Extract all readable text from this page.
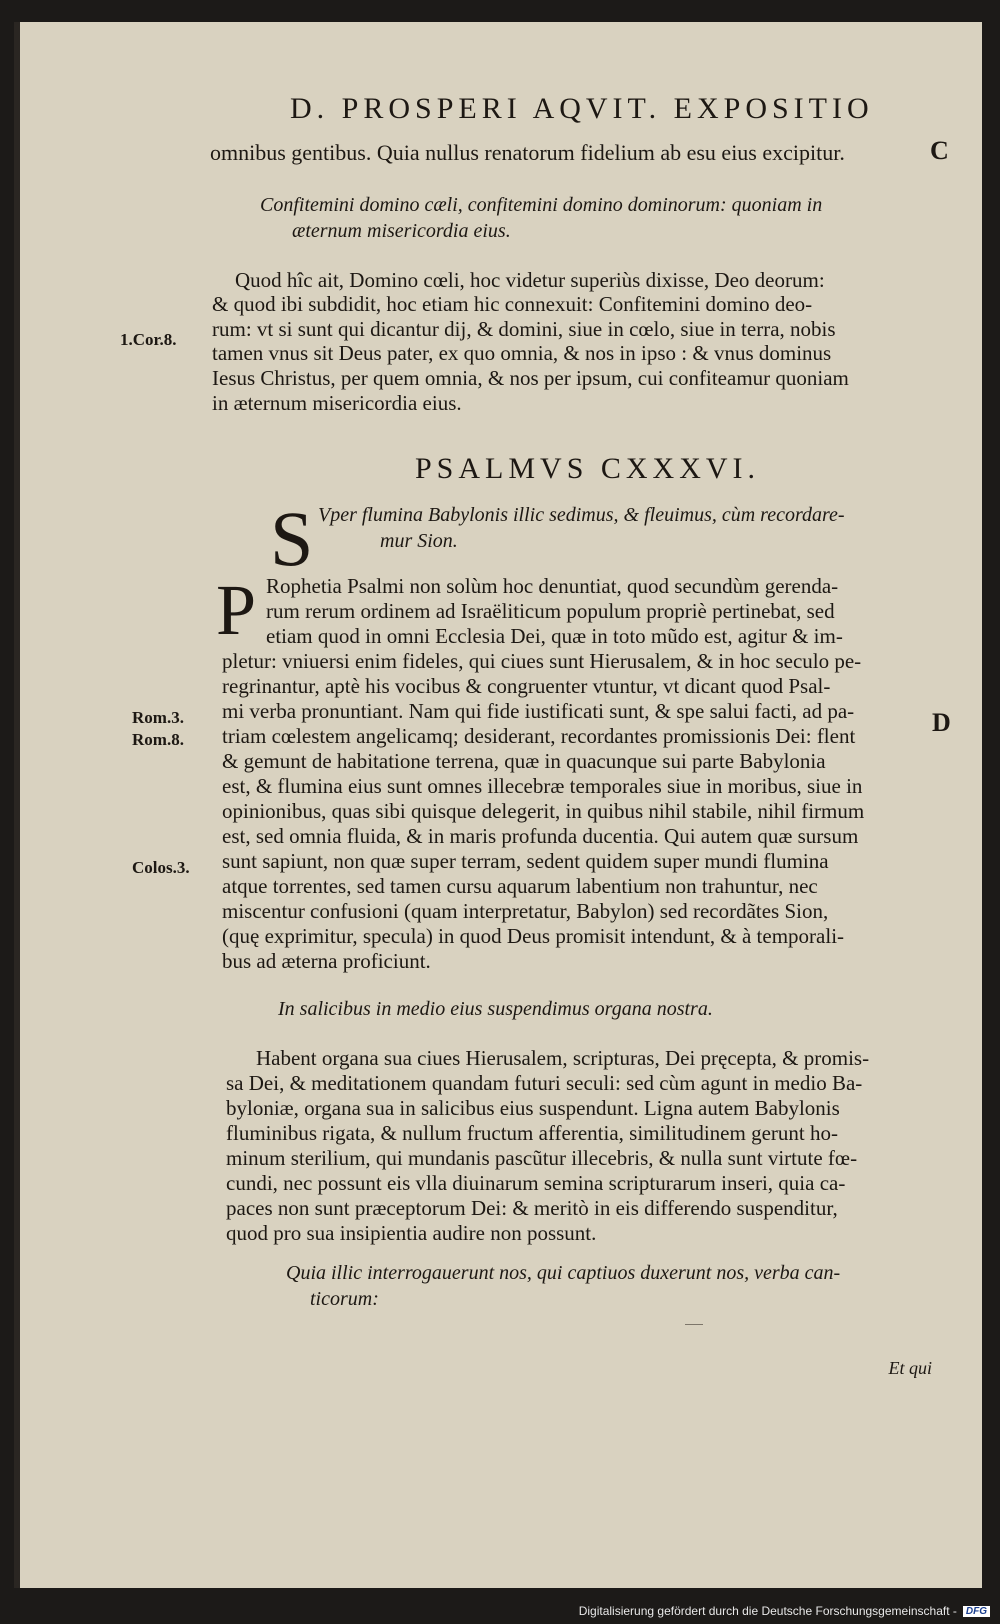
D. PROSPERI AQVIT. EXPOSITIO
C
D
1.Cor.8.
Rom.3.
Rom.8.
Colos.3.
omnibus gentibus. Quia nullus renatorum fidelium ab esu eius excipitur.
Confitemini domino cæli, confitemini domino dominorum: quoniam in
æternum misericordia eius.
Quod hîc ait, Domino cœli, hoc videtur superiùs dixisse, Deo deorum:
& quod ibi subdidit, hoc etiam hic connexuit: Confitemini domino deo-
rum: vt si sunt qui dicantur dij, & domini, siue in cœlo, siue in terra, nobis
tamen vnus sit Deus pater, ex quo omnia, & nos in ipso : & vnus dominus
Iesus Christus, per quem omnia, & nos per ipsum, cui confiteamur quoniam
in æternum misericordia eius.
PSALMVS CXXXVI.
S Vper flumina Babylonis illic sedimus, & fleuimus, cùm recordare-
mur Sion.
P Rophetia Psalmi non solùm hoc denuntiat, quod secundùm gerenda-
rum rerum ordinem ad Israëliticum populum propriè pertinebat, sed
etiam quod in omni Ecclesia Dei, quæ in toto mũdo est, agitur & im-
pletur: vniuersi enim fideles, qui ciues sunt Hierusalem, & in hoc seculo pe-
regrinantur, aptè his vocibus & congruenter vtuntur, vt dicant quod Psal-
mi verba pronuntiant. Nam qui fide iustificati sunt, & spe salui facti, ad pa-
triam cœlestem angelicamq; desiderant, recordantes promissionis Dei: flent
& gemunt de habitatione terrena, quæ in quacunque sui parte Babylonia
est, & flumina eius sunt omnes illecebræ temporales siue in moribus, siue in
opinionibus, quas sibi quisque delegerit, in quibus nihil stabile, nihil firmum
est, sed omnia fluida, & in maris profunda ducentia. Qui autem quæ sursum
sunt sapiunt, non quæ super terram, sedent quidem super mundi flumina
atque torrentes, sed tamen cursu aquarum labentium non trahuntur, nec
miscentur confusioni (quam interpretatur, Babylon) sed recordãtes Sion,
(quę exprimitur, specula) in quod Deus promisit intendunt, & à temporali-
bus ad æterna proficiunt.
In salicibus in medio eius suspendimus organa nostra.
Habent organa sua ciues Hierusalem, scripturas, Dei pręcepta, & promis-
sa Dei, & meditationem quandam futuri seculi: sed cùm agunt in medio Ba-
byloniæ, organa sua in salicibus eius suspendunt. Ligna autem Babylonis
fluminibus rigata, & nullum fructum afferentia, similitudinem gerunt ho-
minum sterilium, qui mundanis pascũtur illecebris, & nulla sunt virtute fœ-
cundi, nec possunt eis vlla diuinarum semina scripturarum inseri, quia ca-
paces non sunt præceptorum Dei: & meritò in eis differendo suspenditur,
quod pro sua insipientia audire non possunt.
Quia illic interrogauerunt nos, qui captiuos duxerunt nos, verba can-
ticorum:
Et qui
Digitalisierung gefördert durch die Deutsche Forschungsgemeinschaft - DFG
